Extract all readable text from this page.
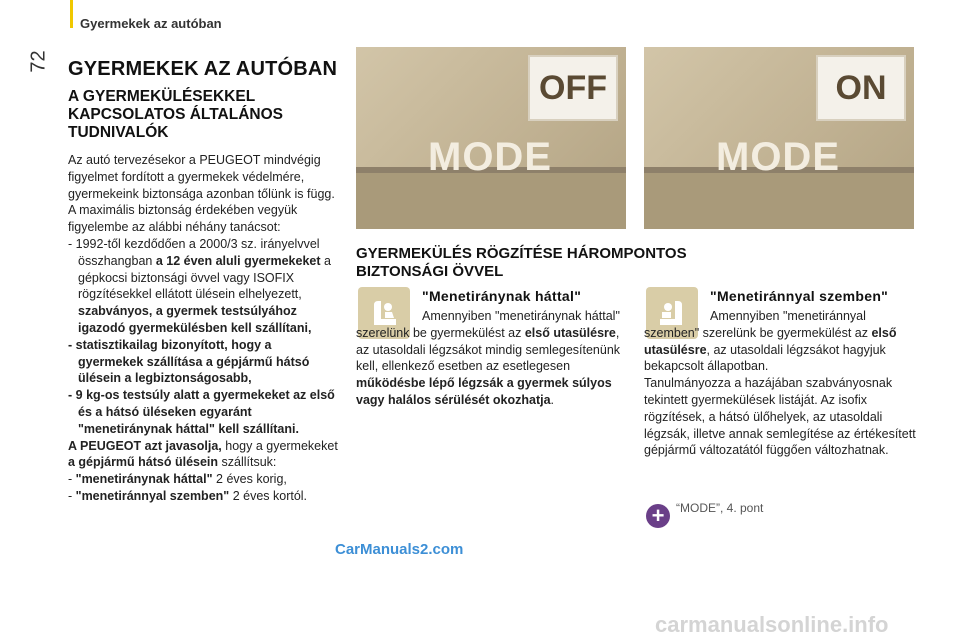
Gyermekek az autóban
72 GYERMEKEK AZ AUTÓBAN
A GYERMEKÜLÉSEKKEL KAPCSOLATOS ÁLTALÁNOS TUDNIVALÓK

Az autó tervezésekor a PEUGEOT mindvégig figyelmet fordított a gyermekek védelmére, gyermekeink biztonsága azonban tőlünk is függ.

A maximális biztonság érdekében vegyük figyelembe az alábbi néhány tanácsot:

- 1992-től kezdődően a 2000/3 sz. irányelvvel összhangban a 12 éven aluli gyermekeket a gépkocsi biztonsági övvel vagy ISOFIX rögzítésekkel ellátott ülésein elhelyezett, szabványos, a gyermek testsúlyához igazodó gyermekülésben kell szállítani,

- statisztikailag bizonyított, hogy a gyermekek szállítása a gépjármű hátsó ülésein a legbiztonságosabb,

- 9 kg-os testsúly alatt a gyermekeket az első és a hátsó üléseken egyaránt "menetiránynak háttal" kell szállítani.

A PEUGEOT azt javasolja, hogy a gyermekeket a gépjármű hátsó ülésein szállítsuk:

- "menetiránynak háttal" 2 éves korig,

- "menetiránnyal szemben" 2 éves kortól.

OFF
MODE
ON
MODE
GYERMEKÜLÉS RÖGZÍTÉSE HÁROMPONTOS BIZTONSÁGI ÖVVEL
"Menetiránynak háttal"

Amennyiben "menetiránynak háttal" szerelünk be gyermekülést az első utasülésre, az utasoldali légzsákot mindig semlegesítenünk kell, ellenkező esetben az esetlegesen működésbe lépő légzsák a gyermek súlyos vagy halálos sérülését okozhatja.

"Menetiránnyal szemben"

Amennyiben "menetiránnyal szemben" szerelünk be gyermekülést az első utasülésre, az utasoldali légzsákot hagyjuk bekapcsolt állapotban.

Tanulmányozza a hazájában szabványosnak tekintett gyermekülések listáját. Az isofix rögzítések, a hátsó ülőhelyek, az utasoldali légzsák, illetve annak semlegítése az értékesített gépjármű változatától függően változhatnak.

+ “MODE”, 4. pont
CarManuals2.com
carmanualsonline.info
